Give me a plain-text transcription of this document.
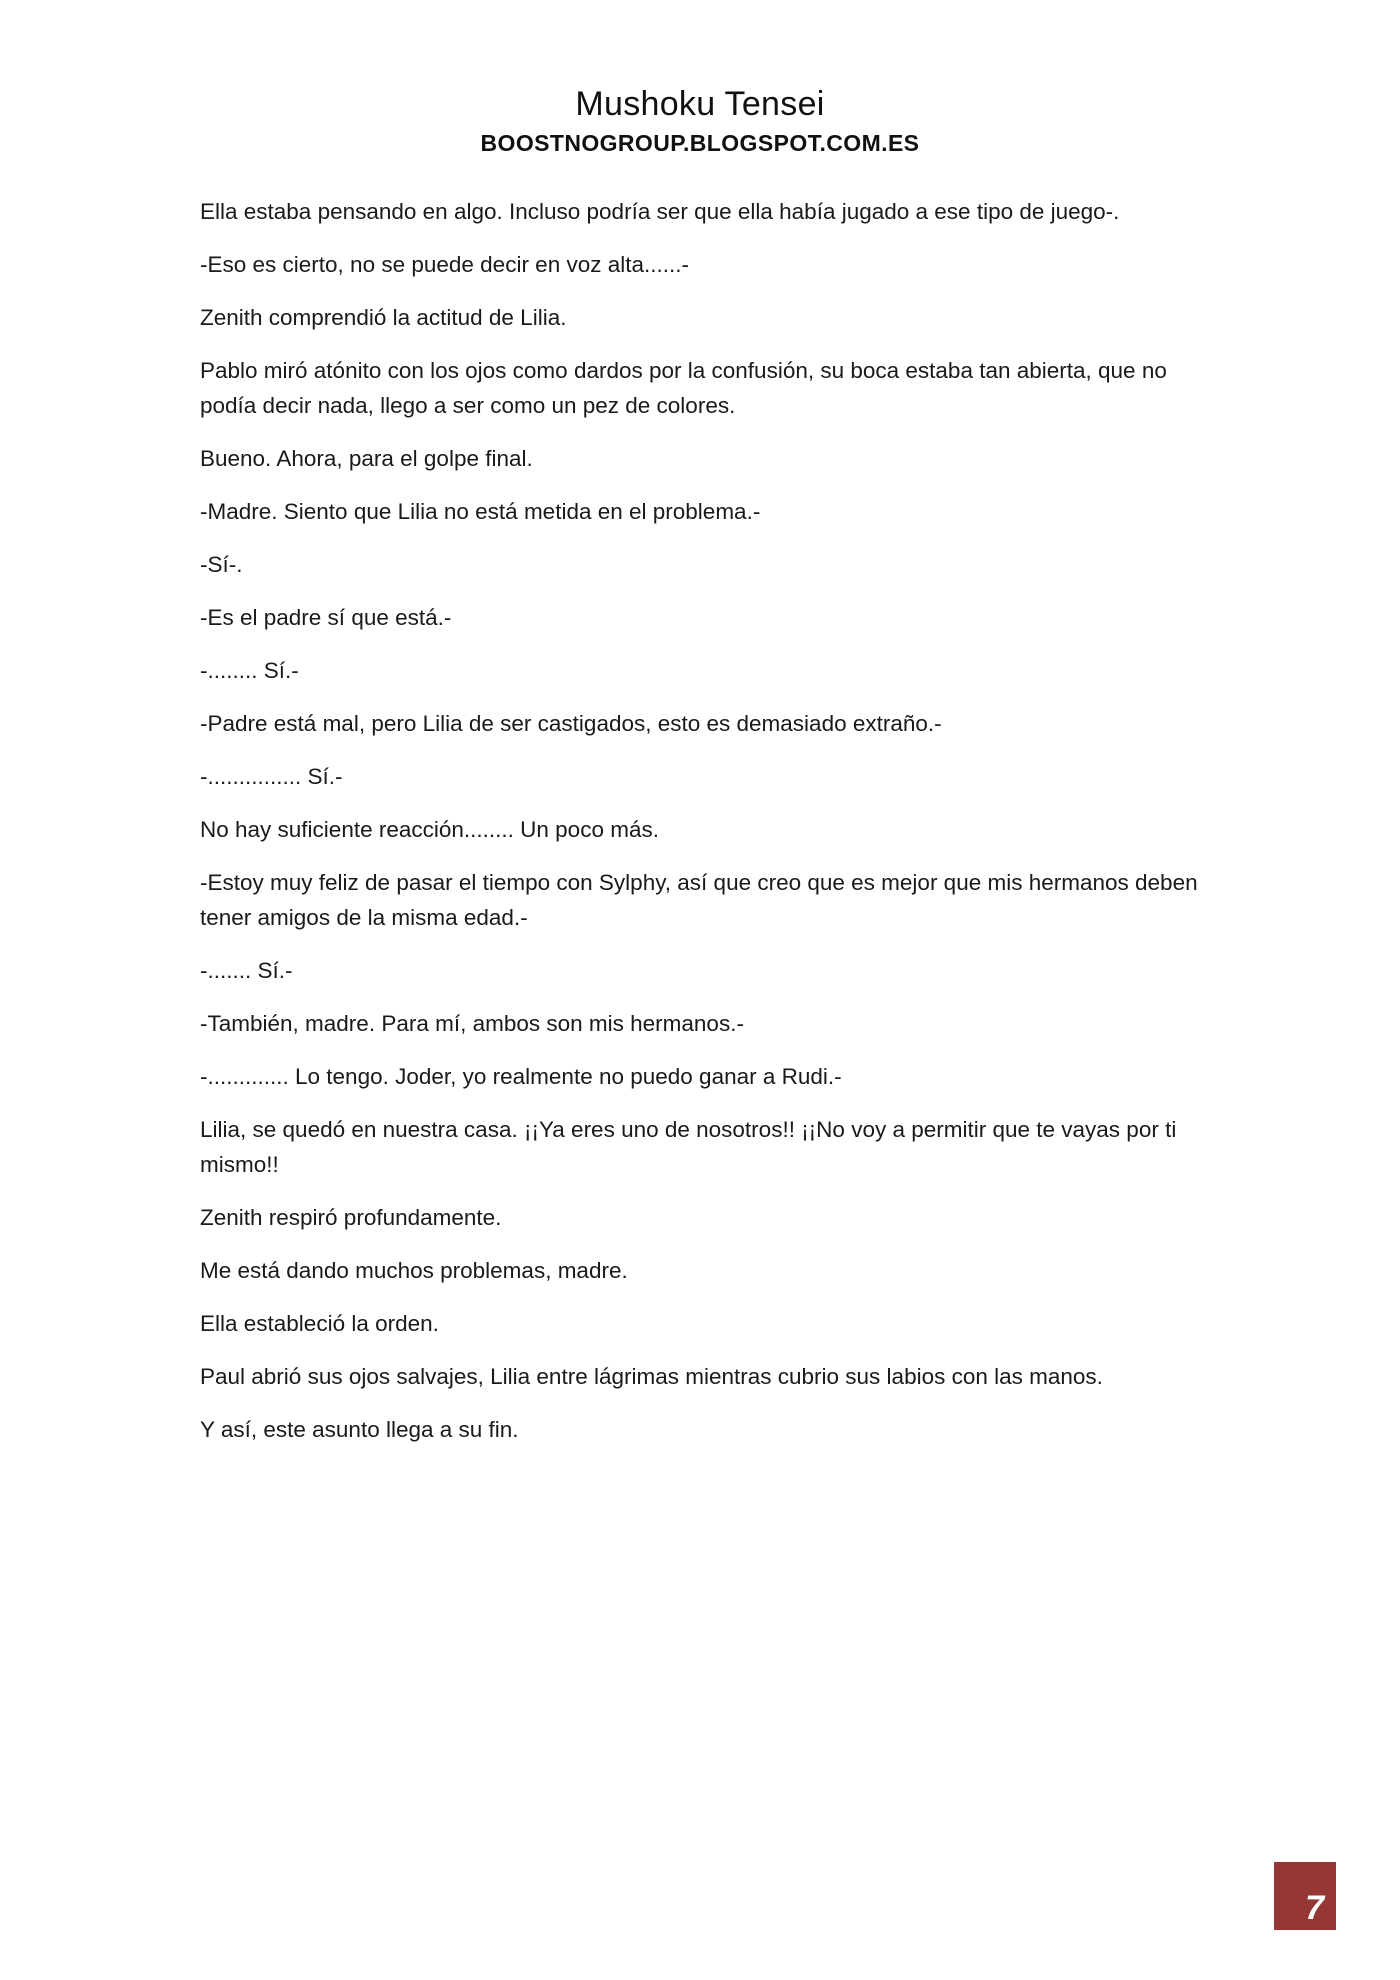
Mushoku Tensei
BOOSTNOGROUP.BLOGSPOT.COM.ES

Ella estaba pensando en algo. Incluso podría ser que ella había jugado a ese tipo de juego-.

-Eso es cierto, no se puede decir en voz alta......-

Zenith comprendió la actitud de Lilia.

Pablo miró atónito con los ojos como dardos por la confusión, su boca estaba tan abierta, que no podía decir nada, llego a ser como un pez de colores.

Bueno. Ahora, para el golpe final.

-Madre. Siento que Lilia no está metida en el problema.-

-Sí-.

-Es el padre sí que está.-

-........ Sí.-

-Padre está mal, pero Lilia de ser castigados, esto es demasiado extraño.-

-............... Sí.-

No hay suficiente reacción........ Un poco más.

-Estoy muy feliz de pasar el tiempo con Sylphy, así que creo que es mejor que mis hermanos deben tener amigos de la misma edad.-

-....... Sí.-

-También, madre. Para mí, ambos son mis hermanos.-

-............. Lo tengo. Joder, yo realmente no puedo ganar a Rudi.-

Lilia, se quedó en nuestra casa. ¡¡Ya eres uno de nosotros!! ¡¡No voy a permitir que te vayas por ti mismo!!

Zenith respiró profundamente.

Me está dando muchos problemas, madre.

Ella estableció la orden.

Paul abrió sus ojos salvajes, Lilia entre lágrimas mientras cubrio sus labios con las manos.

Y así, este asunto llega a su fin.

7
